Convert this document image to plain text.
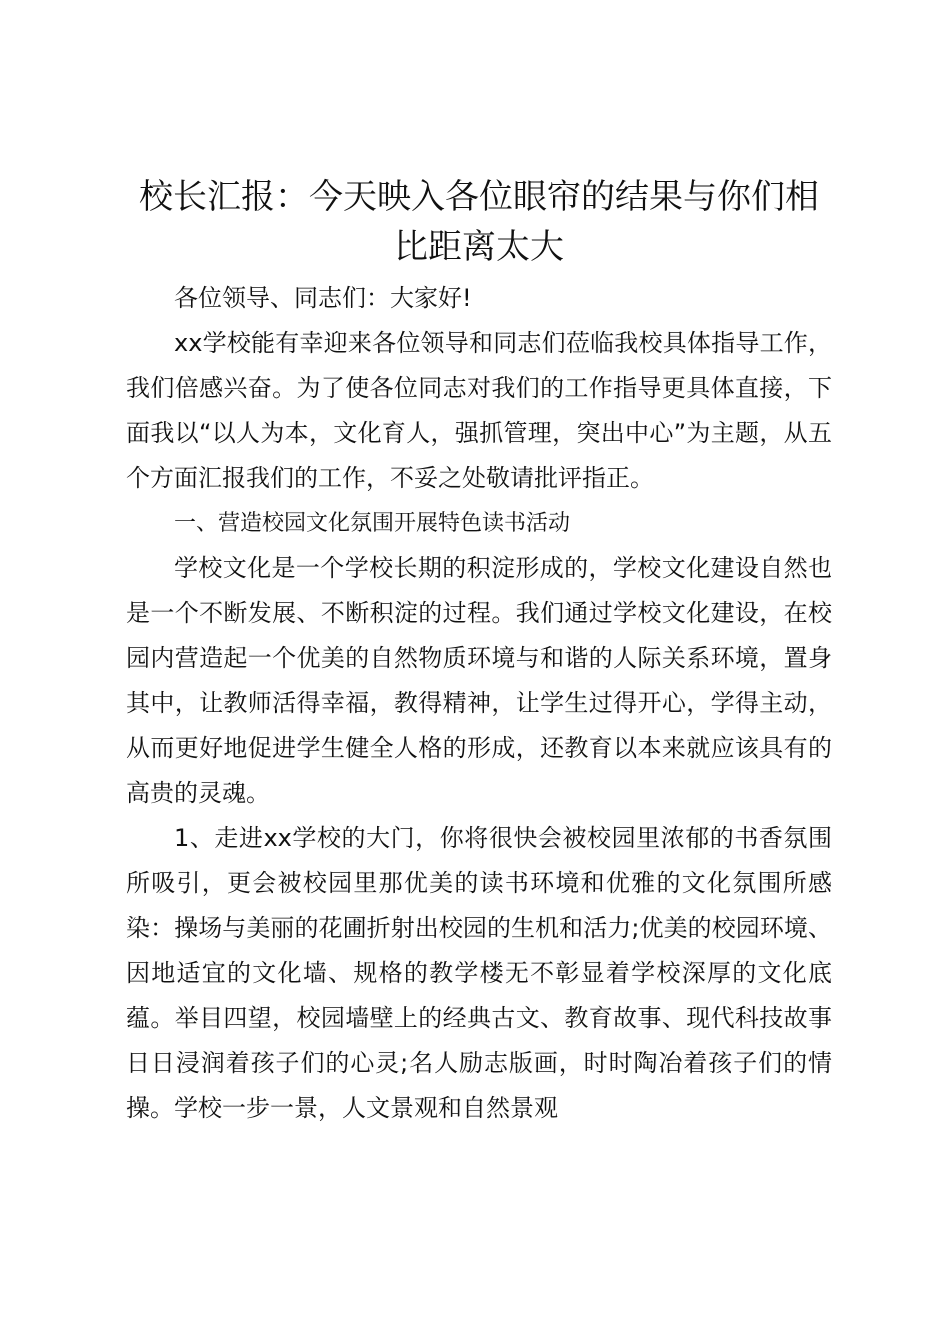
校长汇报：今天映入各位眼帘的结果与你们相比距离太大

各位领导、同志们：大家好!

xx学校能有幸迎来各位领导和同志们莅临我校具体指导工作，我们倍感兴奋。为了使各位同志对我们的工作指导更具体直接，下面我以“以人为本，文化育人，强抓管理，突出中心”为主题，从五个方面汇报我们的工作，不妥之处敬请批评指正。

一、营造校园文化氛围开展特色读书活动

学校文化是一个学校长期的积淀形成的，学校文化建设自然也是一个不断发展、不断积淀的过程。我们通过学校文化建设，在校园内营造起一个优美的自然物质环境与和谐的人际关系环境，置身其中，让教师活得幸福，教得精神，让学生过得开心，学得主动，从而更好地促进学生健全人格的形成，还教育以本来就应该具有的高贵的灵魂。

1、走进xx学校的大门，你将很快会被校园里浓郁的书香氛围所吸引，更会被校园里那优美的读书环境和优雅的文化氛围所感染：操场与美丽的花圃折射出校园的生机和活力;优美的校园环境、因地适宜的文化墙、规格的教学楼无不彰显着学校深厚的文化底蕴。举目四望，校园墙壁上的经典古文、教育故事、现代科技故事日日浸润着孩子们的心灵;名人励志版画，时时陶冶着孩子们的情操。学校一步一景，人文景观和自然景观
